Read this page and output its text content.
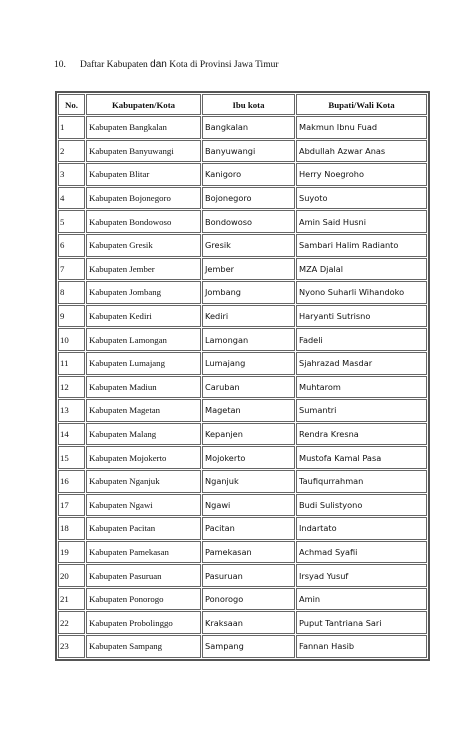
10. Daftar Kabupaten dan Kota di Provinsi Jawa Timur
No.	Kabupaten/Kota	Ibu kota	Bupati/Wali Kota
1	Kabupaten Bangkalan	Bangkalan	Makmun Ibnu Fuad
2	Kabupaten Banyuwangi	Banyuwangi	Abdullah Azwar Anas
3	Kabupaten Blitar	Kanigoro	Herry Noegroho
4	Kabupaten Bojonegoro	Bojonegoro	Suyoto
5	Kabupaten Bondowoso	Bondowoso	Amin Said Husni
6	Kabupaten Gresik	Gresik	Sambari Halim Radianto
7	Kabupaten Jember	Jember	MZA Djalal
8	Kabupaten Jombang	Jombang	Nyono Suharli Wihandoko
9	Kabupaten Kediri	Kediri	Haryanti Sutrisno
10	Kabupaten Lamongan	Lamongan	Fadeli
11	Kabupaten Lumajang	Lumajang	Sjahrazad Masdar
12	Kabupaten Madiun	Caruban	Muhtarom
13	Kabupaten Magetan	Magetan	Sumantri
14	Kabupaten Malang	Kepanjen	Rendra Kresna
15	Kabupaten Mojokerto	Mojokerto	Mustofa Kamal Pasa
16	Kabupaten Nganjuk	Nganjuk	Taufiqurrahman
17	Kabupaten Ngawi	Ngawi	Budi Sulistyono
18	Kabupaten Pacitan	Pacitan	Indartato
19	Kabupaten Pamekasan	Pamekasan	Achmad Syafii
20	Kabupaten Pasuruan	Pasuruan	Irsyad Yusuf
21	Kabupaten Ponorogo	Ponorogo	Amin
22	Kabupaten Probolinggo	Kraksaan	Puput Tantriana Sari
23	Kabupaten Sampang	Sampang	Fannan Hasib
